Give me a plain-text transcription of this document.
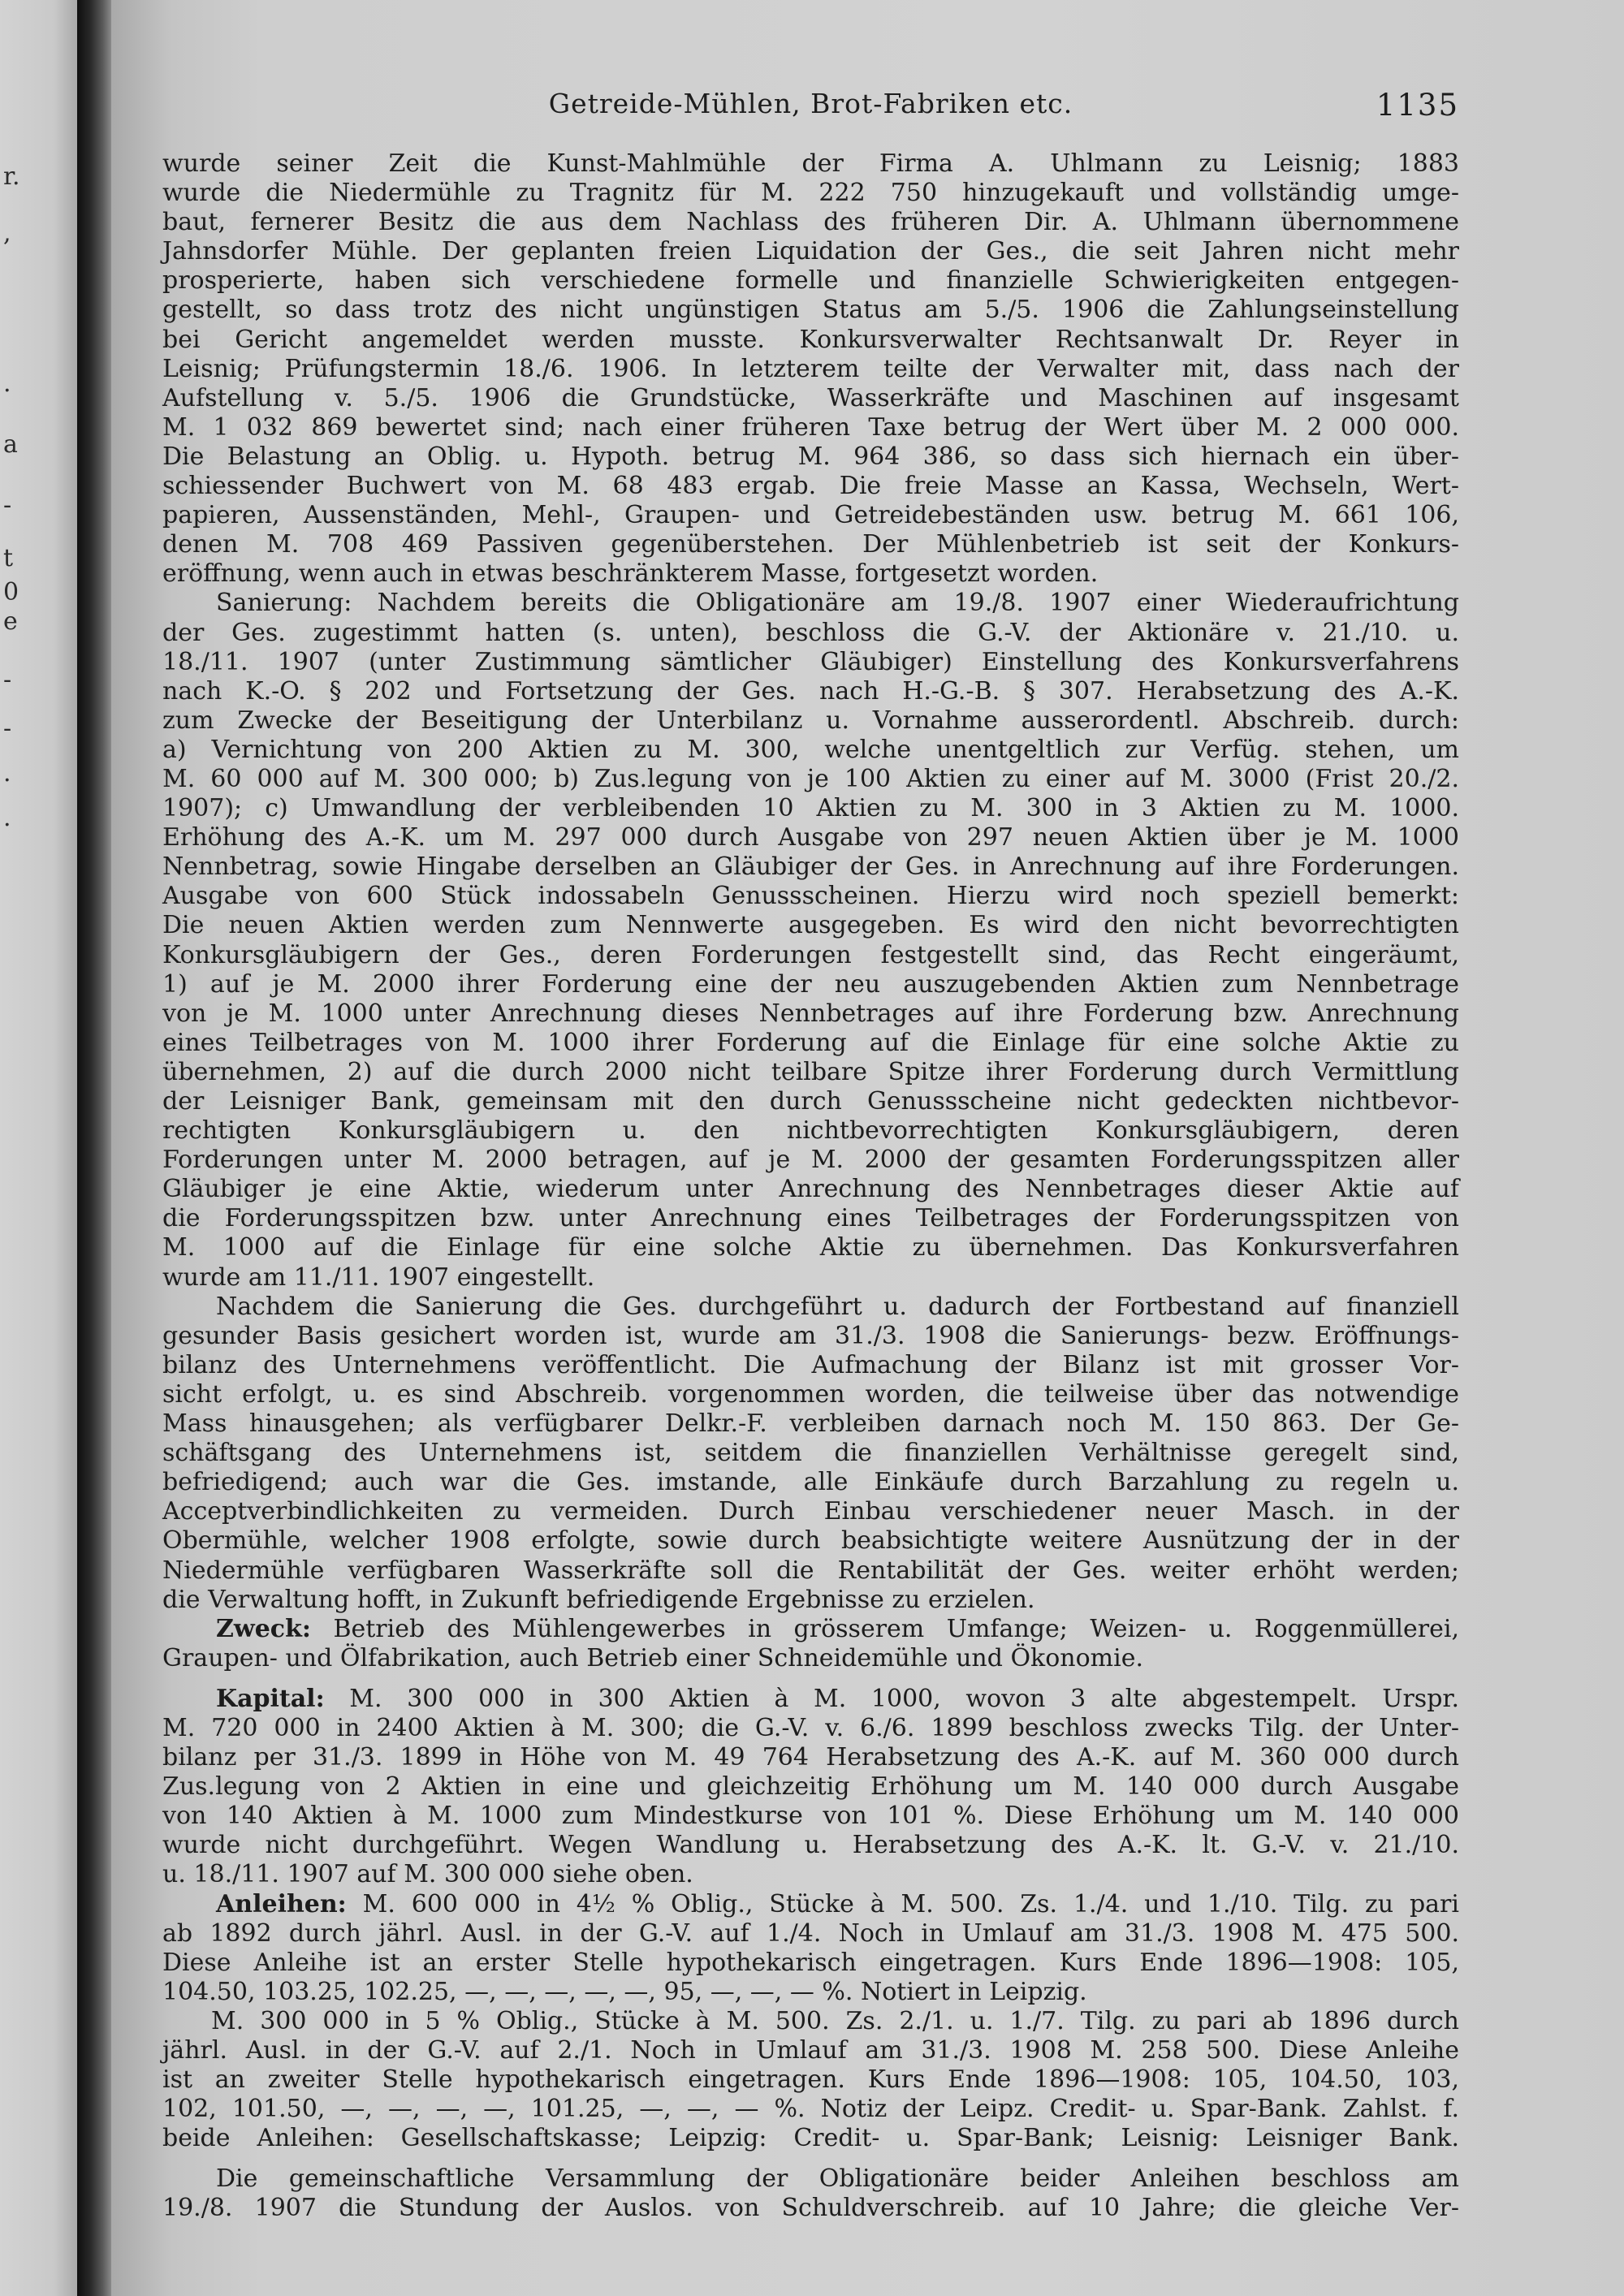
r.
,
.
a
-
t
0
e
-
-
.
.
Getreide-Mühlen, Brot-Fabriken etc.	1135
wurde seiner Zeit die Kunst-Mahlmühle der Firma A. Uhlmann zu Leisnig; 1883
wurde die Niedermühle zu Tragnitz für M. 222 750 hinzugekauft und vollständig umge-
baut, fernerer Besitz die aus dem Nachlass des früheren Dir. A. Uhlmann übernommene
Jahnsdorfer Mühle. Der geplanten freien Liquidation der Ges., die seit Jahren nicht mehr
prosperierte, haben sich verschiedene formelle und finanzielle Schwierigkeiten entgegen-
gestellt, so dass trotz des nicht ungünstigen Status am 5./5. 1906 die Zahlungseinstellung
bei Gericht angemeldet werden musste. Konkursverwalter Rechtsanwalt Dr. Reyer in
Leisnig; Prüfungstermin 18./6. 1906. In letzterem teilte der Verwalter mit, dass nach der
Aufstellung v. 5./5. 1906 die Grundstücke, Wasserkräfte und Maschinen auf insgesamt
M. 1 032 869 bewertet sind; nach einer früheren Taxe betrug der Wert über M. 2 000 000.
Die Belastung an Oblig. u. Hypoth. betrug M. 964 386, so dass sich hiernach ein über-
schiessender Buchwert von M. 68 483 ergab. Die freie Masse an Kassa, Wechseln, Wert-
papieren, Aussenständen, Mehl-, Graupen- und Getreidebeständen usw. betrug M. 661 106,
denen M. 708 469 Passiven gegenüberstehen. Der Mühlenbetrieb ist seit der Konkurs-
eröffnung, wenn auch in etwas beschränkterem Masse, fortgesetzt worden.
Sanierung: Nachdem bereits die Obligationäre am 19./8. 1907 einer Wiederaufrichtung
der Ges. zugestimmt hatten (s. unten), beschloss die G.-V. der Aktionäre v. 21./10. u.
18./11. 1907 (unter Zustimmung sämtlicher Gläubiger) Einstellung des Konkursverfahrens
nach K.-O. § 202 und Fortsetzung der Ges. nach H.-G.-B. § 307. Herabsetzung des A.-K.
zum Zwecke der Beseitigung der Unterbilanz u. Vornahme ausserordentl. Abschreib. durch:
a) Vernichtung von 200 Aktien zu M. 300, welche unentgeltlich zur Verfüg. stehen, um
M. 60 000 auf M. 300 000; b) Zus.legung von je 100 Aktien zu einer auf M. 3000 (Frist 20./2.
1907); c) Umwandlung der verbleibenden 10 Aktien zu M. 300 in 3 Aktien zu M. 1000.
Erhöhung des A.-K. um M. 297 000 durch Ausgabe von 297 neuen Aktien über je M. 1000
Nennbetrag, sowie Hingabe derselben an Gläubiger der Ges. in Anrechnung auf ihre Forderungen.
Ausgabe von 600 Stück indossabeln Genussscheinen. Hierzu wird noch speziell bemerkt:
Die neuen Aktien werden zum Nennwerte ausgegeben. Es wird den nicht bevorrechtigten
Konkursgläubigern der Ges., deren Forderungen festgestellt sind, das Recht eingeräumt,
1) auf je M. 2000 ihrer Forderung eine der neu auszugebenden Aktien zum Nennbetrage
von je M. 1000 unter Anrechnung dieses Nennbetrages auf ihre Forderung bzw. Anrechnung
eines Teilbetrages von M. 1000 ihrer Forderung auf die Einlage für eine solche Aktie zu
übernehmen, 2) auf die durch 2000 nicht teilbare Spitze ihrer Forderung durch Vermittlung
der Leisniger Bank, gemeinsam mit den durch Genussscheine nicht gedeckten nichtbevor-
rechtigten Konkursgläubigern u. den nichtbevorrechtigten Konkursgläubigern, deren
Forderungen unter M. 2000 betragen, auf je M. 2000 der gesamten Forderungsspitzen aller
Gläubiger je eine Aktie, wiederum unter Anrechnung des Nennbetrages dieser Aktie auf
die Forderungsspitzen bzw. unter Anrechnung eines Teilbetrages der Forderungsspitzen von
M. 1000 auf die Einlage für eine solche Aktie zu übernehmen. Das Konkursverfahren
wurde am 11./11. 1907 eingestellt.
Nachdem die Sanierung die Ges. durchgeführt u. dadurch der Fortbestand auf finanziell
gesunder Basis gesichert worden ist, wurde am 31./3. 1908 die Sanierungs- bezw. Eröffnungs-
bilanz des Unternehmens veröffentlicht. Die Aufmachung der Bilanz ist mit grosser Vor-
sicht erfolgt, u. es sind Abschreib. vorgenommen worden, die teilweise über das notwendige
Mass hinausgehen; als verfügbarer Delkr.-F. verbleiben darnach noch M. 150 863. Der Ge-
schäftsgang des Unternehmens ist, seitdem die finanziellen Verhältnisse geregelt sind,
befriedigend; auch war die Ges. imstande, alle Einkäufe durch Barzahlung zu regeln u.
Acceptverbindlichkeiten zu vermeiden. Durch Einbau verschiedener neuer Masch. in der
Obermühle, welcher 1908 erfolgte, sowie durch beabsichtigte weitere Ausnützung der in der
Niedermühle verfügbaren Wasserkräfte soll die Rentabilität der Ges. weiter erhöht werden;
die Verwaltung hofft, in Zukunft befriedigende Ergebnisse zu erzielen.
Zweck: Betrieb des Mühlengewerbes in grösserem Umfange; Weizen- u. Roggenmüllerei,
Graupen- und Ölfabrikation, auch Betrieb einer Schneidemühle und Ökonomie.
Kapital: M. 300 000 in 300 Aktien à M. 1000, wovon 3 alte abgestempelt. Urspr.
M. 720 000 in 2400 Aktien à M. 300; die G.-V. v. 6./6. 1899 beschloss zwecks Tilg. der Unter-
bilanz per 31./3. 1899 in Höhe von M. 49 764 Herabsetzung des A.-K. auf M. 360 000 durch
Zus.legung von 2 Aktien in eine und gleichzeitig Erhöhung um M. 140 000 durch Ausgabe
von 140 Aktien à M. 1000 zum Mindestkurse von 101 %. Diese Erhöhung um M. 140 000
wurde nicht durchgeführt. Wegen Wandlung u. Herabsetzung des A.-K. lt. G.-V. v. 21./10.
u. 18./11. 1907 auf M. 300 000 siehe oben.
Anleihen: M. 600 000 in 4½ % Oblig., Stücke à M. 500. Zs. 1./4. und 1./10. Tilg. zu pari
ab 1892 durch jährl. Ausl. in der G.-V. auf 1./4. Noch in Umlauf am 31./3. 1908 M. 475 500.
Diese Anleihe ist an erster Stelle hypothekarisch eingetragen. Kurs Ende 1896—1908: 105,
104.50, 103.25, 102.25, —, —, —, —, —, 95, —, —, — %. Notiert in Leipzig.
M. 300 000 in 5 % Oblig., Stücke à M. 500. Zs. 2./1. u. 1./7. Tilg. zu pari ab 1896 durch
jährl. Ausl. in der G.-V. auf 2./1. Noch in Umlauf am 31./3. 1908 M. 258 500. Diese Anleihe
ist an zweiter Stelle hypothekarisch eingetragen. Kurs Ende 1896—1908: 105, 104.50, 103,
102, 101.50, —, —, —, —, 101.25, —, —, — %. Notiz der Leipz. Credit- u. Spar-Bank. Zahlst. f.
beide Anleihen: Gesellschaftskasse; Leipzig: Credit- u. Spar-Bank; Leisnig: Leisniger Bank.
Die gemeinschaftliche Versammlung der Obligationäre beider Anleihen beschloss am
19./8. 1907 die Stundung der Auslos. von Schuldverschreib. auf 10 Jahre; die gleiche Ver-
